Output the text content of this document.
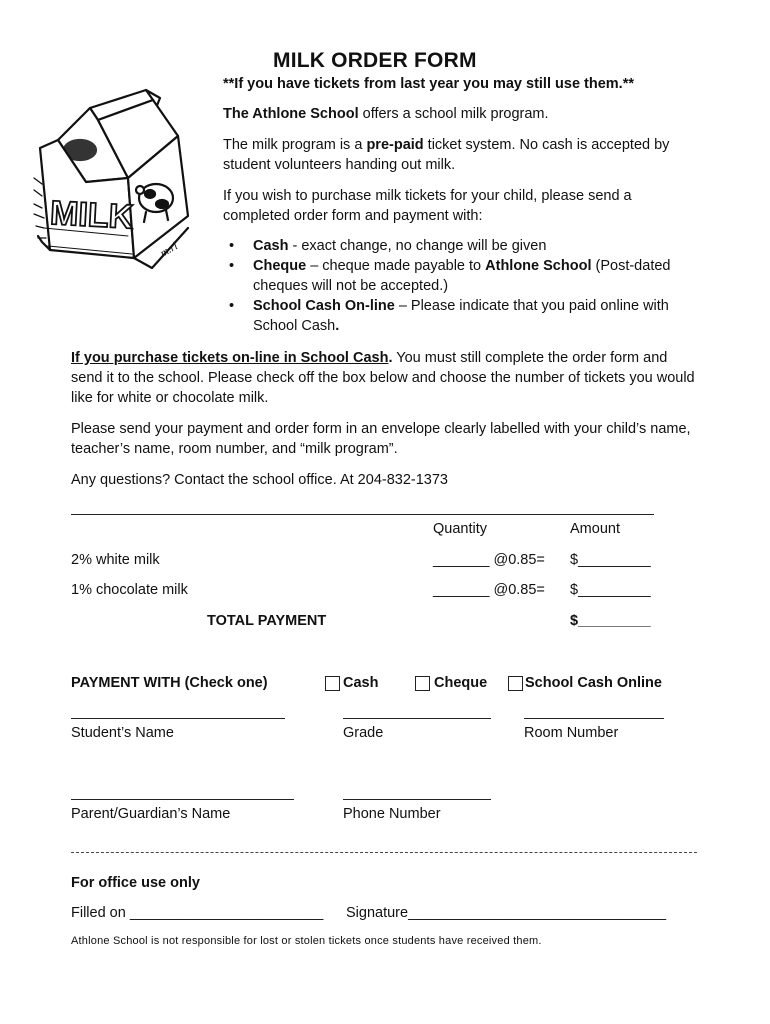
MILK
m.rl
MILK ORDER FORM
**If you have tickets from last year you may still use them.**
The Athlone School offers a school milk program.
The milk program is a pre-paid ticket system. No cash is accepted by student volunteers handing out milk.
If you wish to purchase milk tickets for your child, please send a completed order form and payment with:
• Cash - exact change, no change will be given
• Cheque – cheque made payable to Athlone School (Post-dated cheques will not be accepted.)
• School Cash On-line – Please indicate that you paid online with School Cash.
If you purchase tickets on-line in School Cash. You must still complete the order form and send it to the school. Please check off the box below and choose the number of tickets you would like for white or chocolate milk.
Please send your payment and order form in an envelope clearly labelled with your child’s name, teacher’s name, room number, and “milk program”.
Any questions? Contact the school office. At 204-832-1373
Quantity	Amount
2% white milk	_______ @0.85= $_________
1% chocolate milk	_______ @0.85= $_________
TOTAL PAYMENT	$_________
PAYMENT WITH (Check one)	Cash	Cheque	School Cash Online
Student’s Name	Grade	Room Number
Parent/Guardian’s Name	Phone Number
For office use only
Filled on ________________________ Signature________________________________
Athlone School is not responsible for lost or stolen tickets once students have received them.
